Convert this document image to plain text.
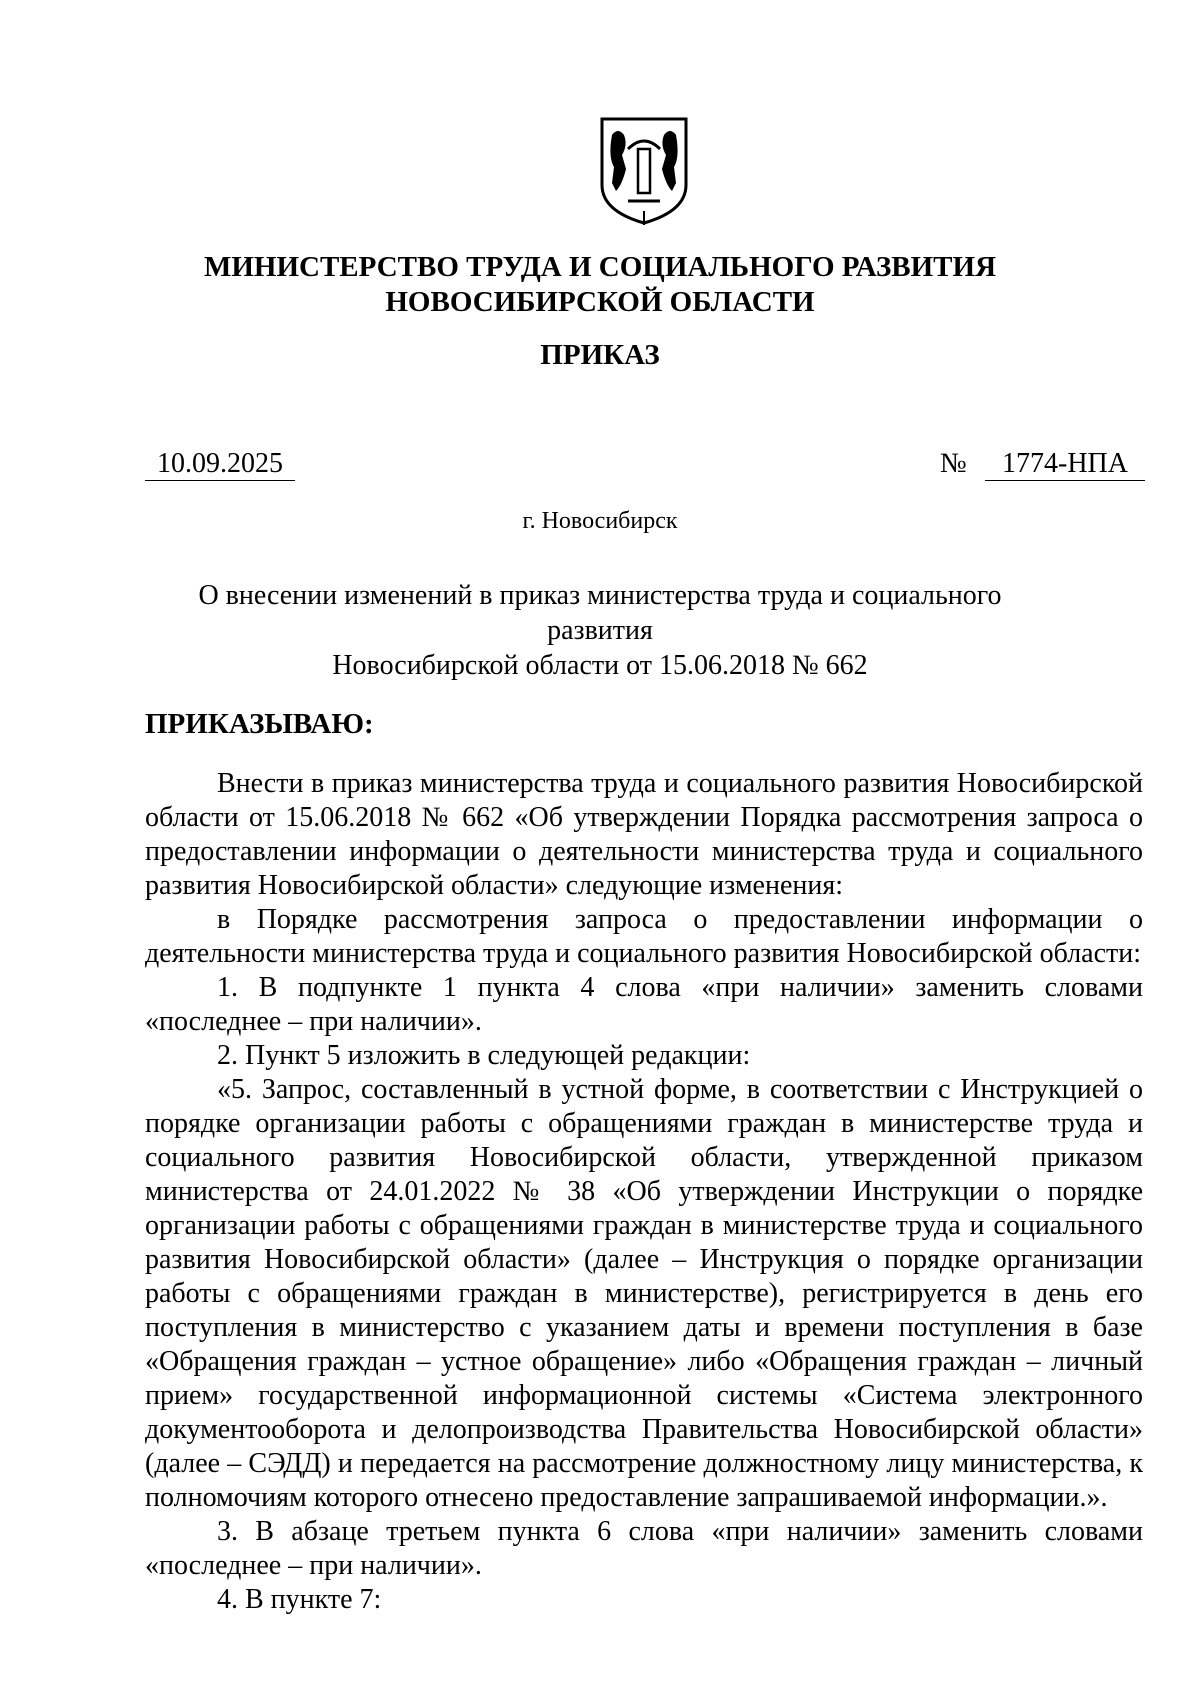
МИНИСТЕРСТВО ТРУДА И СОЦИАЛЬНОГО РАЗВИТИЯ
НОВОСИБИРСКОЙ ОБЛАСТИ
ПРИКАЗ
10.09.2025	№	1774-НПА
г. Новосибирск
О внесении изменений в приказ министерства труда и социального развития
Новосибирской области от 15.06.2018 № 662
ПРИКАЗЫВАЮ:

Внести в приказ министерства труда и социального развития Новосибирской области от 15.06.2018 № 662 «Об утверждении Порядка рассмотрения запроса о предоставлении информации о деятельности министерства труда и социального развития Новосибирской области» следующие изменения:

в Порядке рассмотрения запроса о предоставлении информации о деятельности министерства труда и социального развития Новосибирской области:

1. В подпункте 1 пункта 4 слова «при наличии» заменить словами «последнее – при наличии».

2. Пункт 5 изложить в следующей редакции:

«5. Запрос, составленный в устной форме, в соответствии с Инструкцией о порядке организации работы с обращениями граждан в министерстве труда и социального развития Новосибирской области, утвержденной приказом министерства от 24.01.2022 № 38 «Об утверждении Инструкции о порядке организации работы с обращениями граждан в министерстве труда и социального развития Новосибирской области» (далее – Инструкция о порядке организации работы с обращениями граждан в министерстве), регистрируется в день его поступления в министерство с указанием даты и времени поступления в базе «Обращения граждан – устное обращение» либо «Обращения граждан – личный прием» государственной информационной системы «Система электронного документооборота и делопроизводства Правительства Новосибирской области» (далее – СЭДД) и передается на рассмотрение должностному лицу министерства, к полномочиям которого отнесено предоставление запрашиваемой информации.».

3. В абзаце третьем пункта 6 слова «при наличии» заменить словами «последнее – при наличии».

4. В пункте 7:
